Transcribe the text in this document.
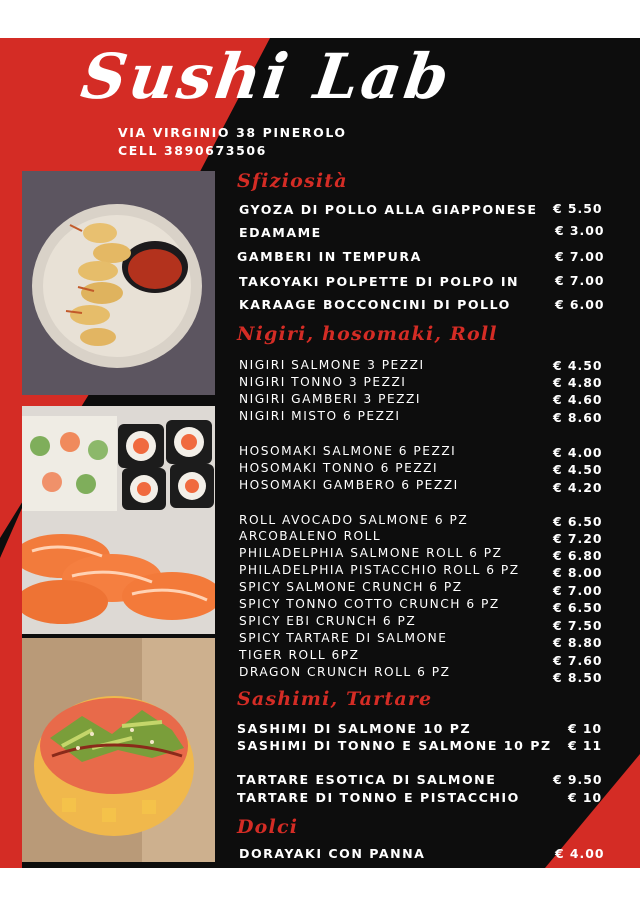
Sushi Lab
VIA VIRGINIO 38 PINEROLO
CELL 3890673506
Sfiziosità
Nigiri, hosomaki, Roll
Sashimi, Tartare
Dolci
GYOZA DI POLLO ALLA GIAPPONESE € 5.50
EDAMAME	€ 3.00
GAMBERI IN TEMPURA	€ 7.00
TAKOYAKI POLPETTE DI POLPO IN	€ 7.00
KARAAGE BOCCONCINI DI POLLO	€ 6.00
NIGIRI SALMONE 3 PEZZI	€ 4.50
NIGIRI TONNO 3 PEZZI	€ 4.80
NIGIRI GAMBERI 3 PEZZI	€ 4.60
NIGIRI MISTO 6 PEZZI	€ 8.60
HOSOMAKI SALMONE 6 PEZZI	€ 4.00
HOSOMAKI TONNO 6 PEZZI	€ 4.50
HOSOMAKI GAMBERO 6 PEZZI	€ 4.20
ROLL AVOCADO SALMONE 6 PZ	€ 6.50
ARCOBALENO ROLL	€ 7.20
PHILADELPHIA SALMONE ROLL 6 PZ	€ 6.80
PHILADELPHIA PISTACCHIO ROLL 6 PZ	€ 8.00
SPICY SALMONE CRUNCH 6 PZ	€ 7.00
SPICY TONNO COTTO CRUNCH 6 PZ	€ 6.50
SPICY EBI CRUNCH 6 PZ	€ 7.50
SPICY TARTARE DI SALMONE	€ 8.80
TIGER ROLL 6PZ	€ 7.60
DRAGON CRUNCH ROLL 6 PZ	€ 8.50
SASHIMI DI SALMONE 10 PZ	€ 10
SASHIMI DI TONNO E SALMONE 10 PZ € 11
TARTARE ESOTICA DI SALMONE	€ 9.50
TARTARE DI TONNO E PISTACCHIO	€ 10
DORAYAKI CON PANNA	€ 4.00
